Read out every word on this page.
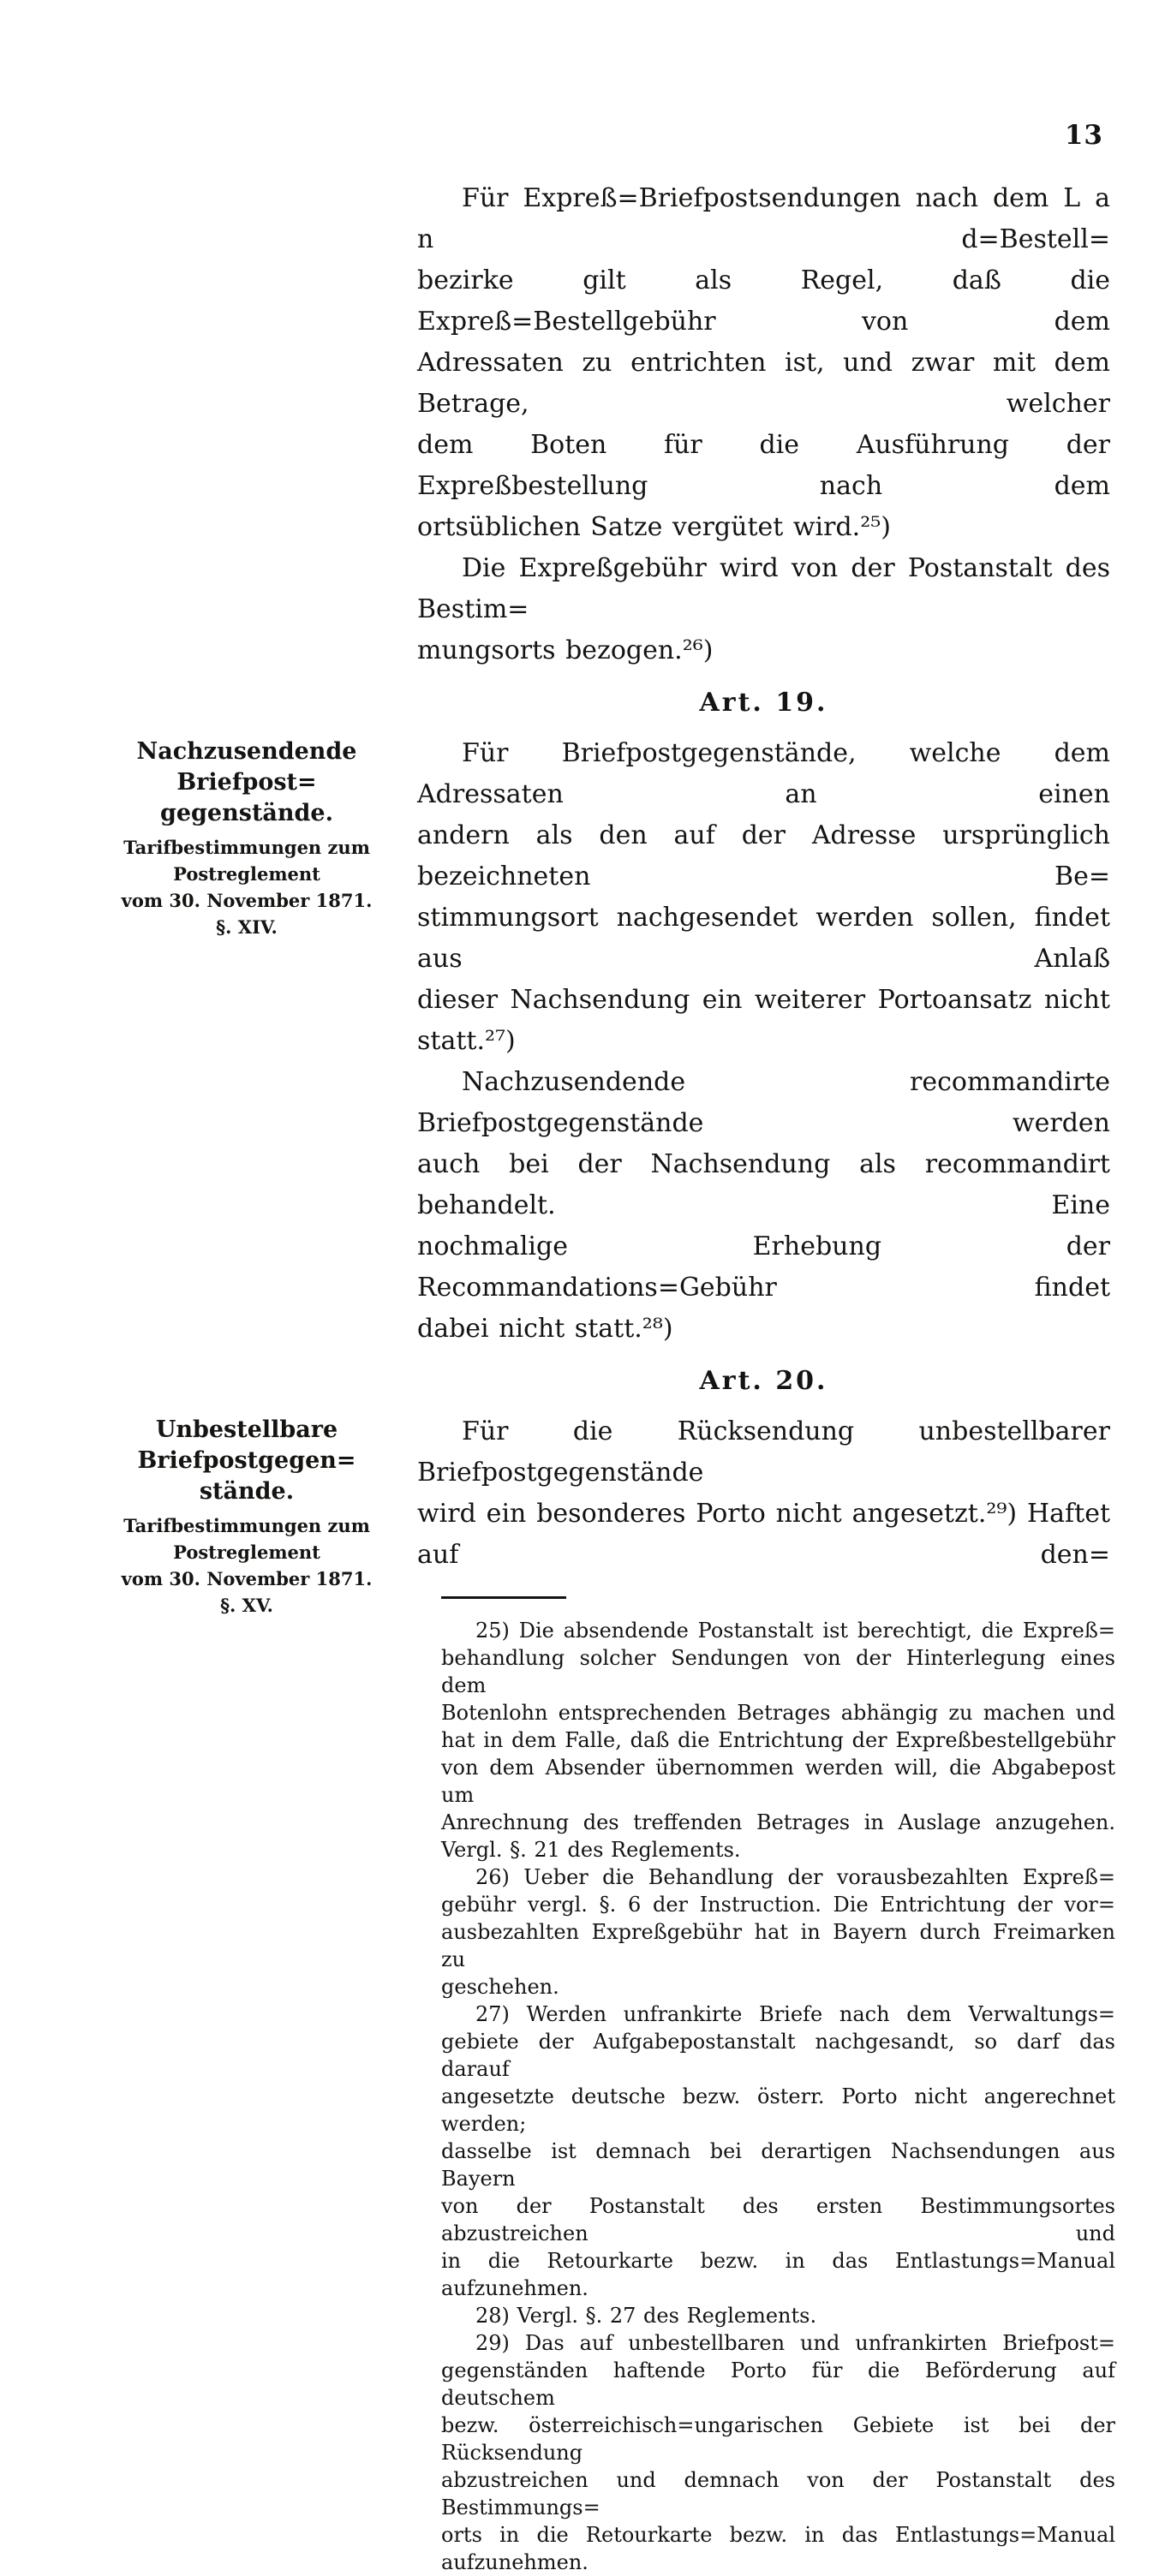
13
Für Expreß=Briefpostsendungen nach dem L a n d=Bestell=
bezirke gilt als Regel, daß die Expreß=Bestellgebühr von dem
Adressaten zu entrichten ist, und zwar mit dem Betrage, welcher
dem Boten für die Ausführung der Expreßbestellung nach dem
ortsüblichen Satze vergütet wird.²⁵)
Die Expreßgebühr wird von der Postanstalt des Bestim=
mungsorts bezogen.²⁶)
Art. 19.
Nachzusendende Briefpost=
gegenstände.
Tarifbestimmungen zum Postreglement
vom 30. November 1871.
§. XIV.
Für Briefpostgegenstände, welche dem Adressaten an einen
andern als den auf der Adresse ursprünglich bezeichneten Be=
stimmungsort nachgesendet werden sollen, findet aus Anlaß
dieser Nachsendung ein weiterer Portoansatz nicht statt.²⁷)
Nachzusendende recommandirte Briefpostgegenstände werden
auch bei der Nachsendung als recommandirt behandelt. Eine
nochmalige Erhebung der Recommandations=Gebühr findet
dabei nicht statt.²⁸)
Art. 20.
Unbestellbare Briefpostgegen=
stände.
Tarifbestimmungen zum Postreglement
vom 30. November 1871.
§. XV.
Für die Rücksendung unbestellbarer Briefpostgegenstände
wird ein besonderes Porto nicht angesetzt.²⁹) Haftet auf den=
25) Die absendende Postanstalt ist berechtigt, die Expreß=
behandlung solcher Sendungen von der Hinterlegung eines dem
Botenlohn entsprechenden Betrages abhängig zu machen und
hat in dem Falle, daß die Entrichtung der Expreßbestellgebühr
von dem Absender übernommen werden will, die Abgabepost um
Anrechnung des treffenden Betrages in Auslage anzugehen.
Vergl. §. 21 des Reglements.
26) Ueber die Behandlung der vorausbezahlten Expreß=
gebühr vergl. §. 6 der Instruction. Die Entrichtung der vor=
ausbezahlten Expreßgebühr hat in Bayern durch Freimarken zu
geschehen.
27) Werden unfrankirte Briefe nach dem Verwaltungs=
gebiete der Aufgabepostanstalt nachgesandt, so darf das darauf
angesetzte deutsche bezw. österr. Porto nicht angerechnet werden;
dasselbe ist demnach bei derartigen Nachsendungen aus Bayern
von der Postanstalt des ersten Bestimmungsortes abzustreichen und
in die Retourkarte bezw. in das Entlastungs=Manual aufzunehmen.
28) Vergl. §. 27 des Reglements.
29) Das auf unbestellbaren und unfrankirten Briefpost=
gegenständen haftende Porto für die Beförderung auf deutschem
bezw. österreichisch=ungarischen Gebiete ist bei der Rücksendung
abzustreichen und demnach von der Postanstalt des Bestimmungs=
orts in die Retourkarte bezw. in das Entlastungs=Manual
aufzunehmen.
